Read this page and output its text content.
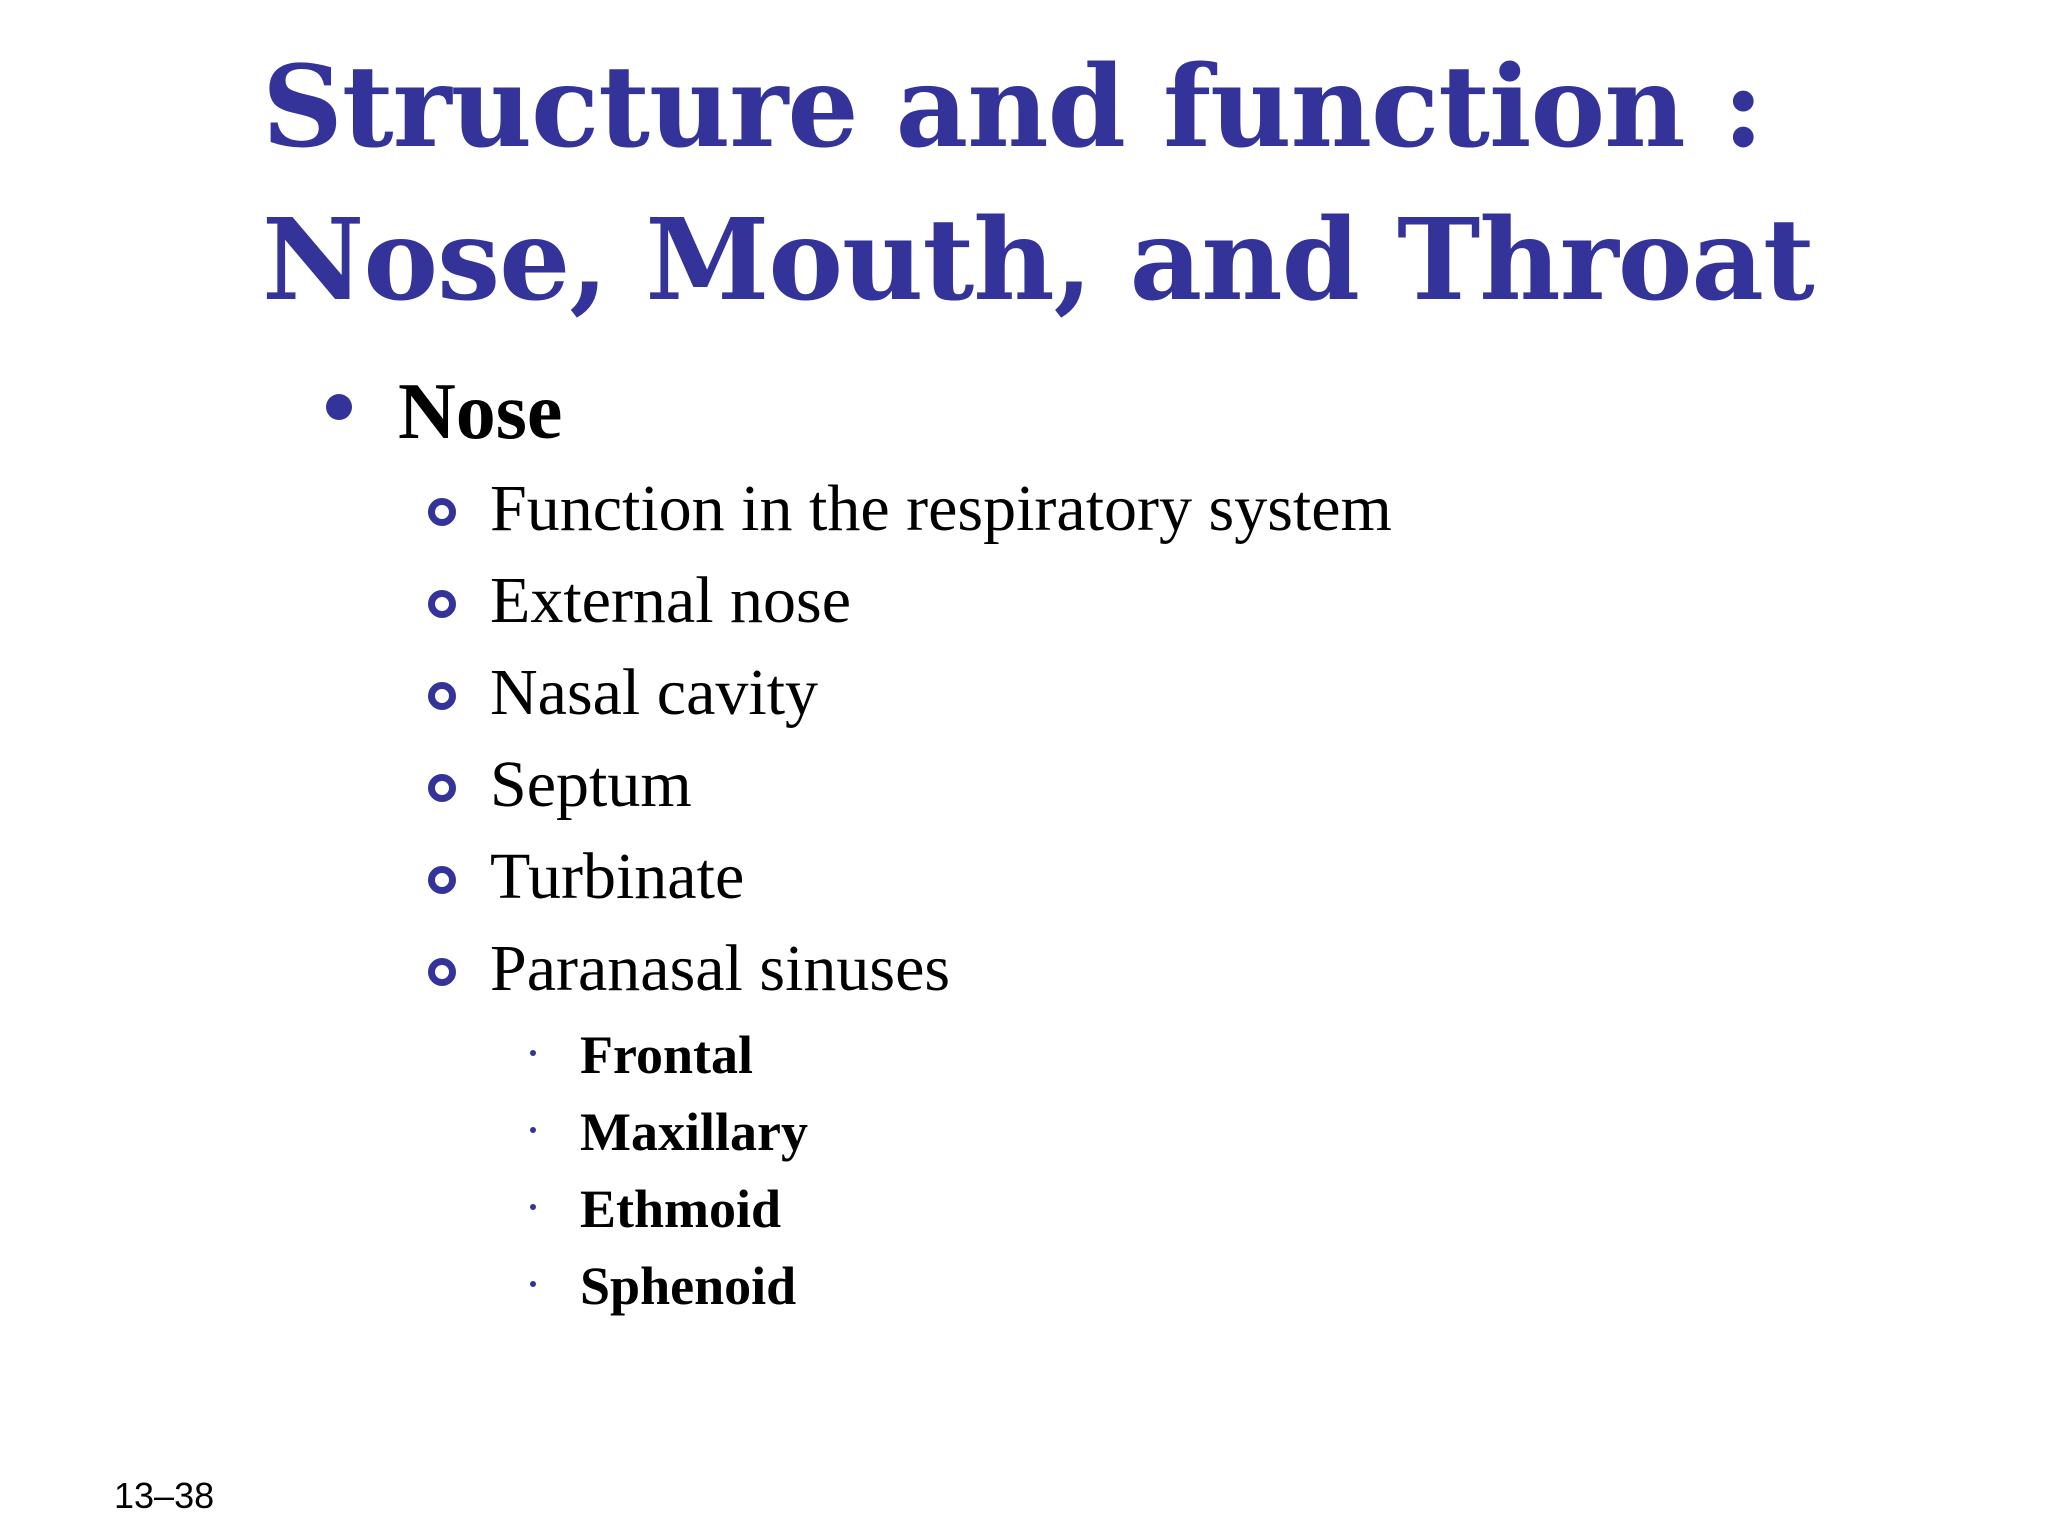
Structure and function :
Nose, Mouth, and Throat
Nose
Function in the respiratory system
External nose
Nasal cavity
Septum
Turbinate
Paranasal sinuses
Frontal
Maxillary
Ethmoid
Sphenoid
13–38
